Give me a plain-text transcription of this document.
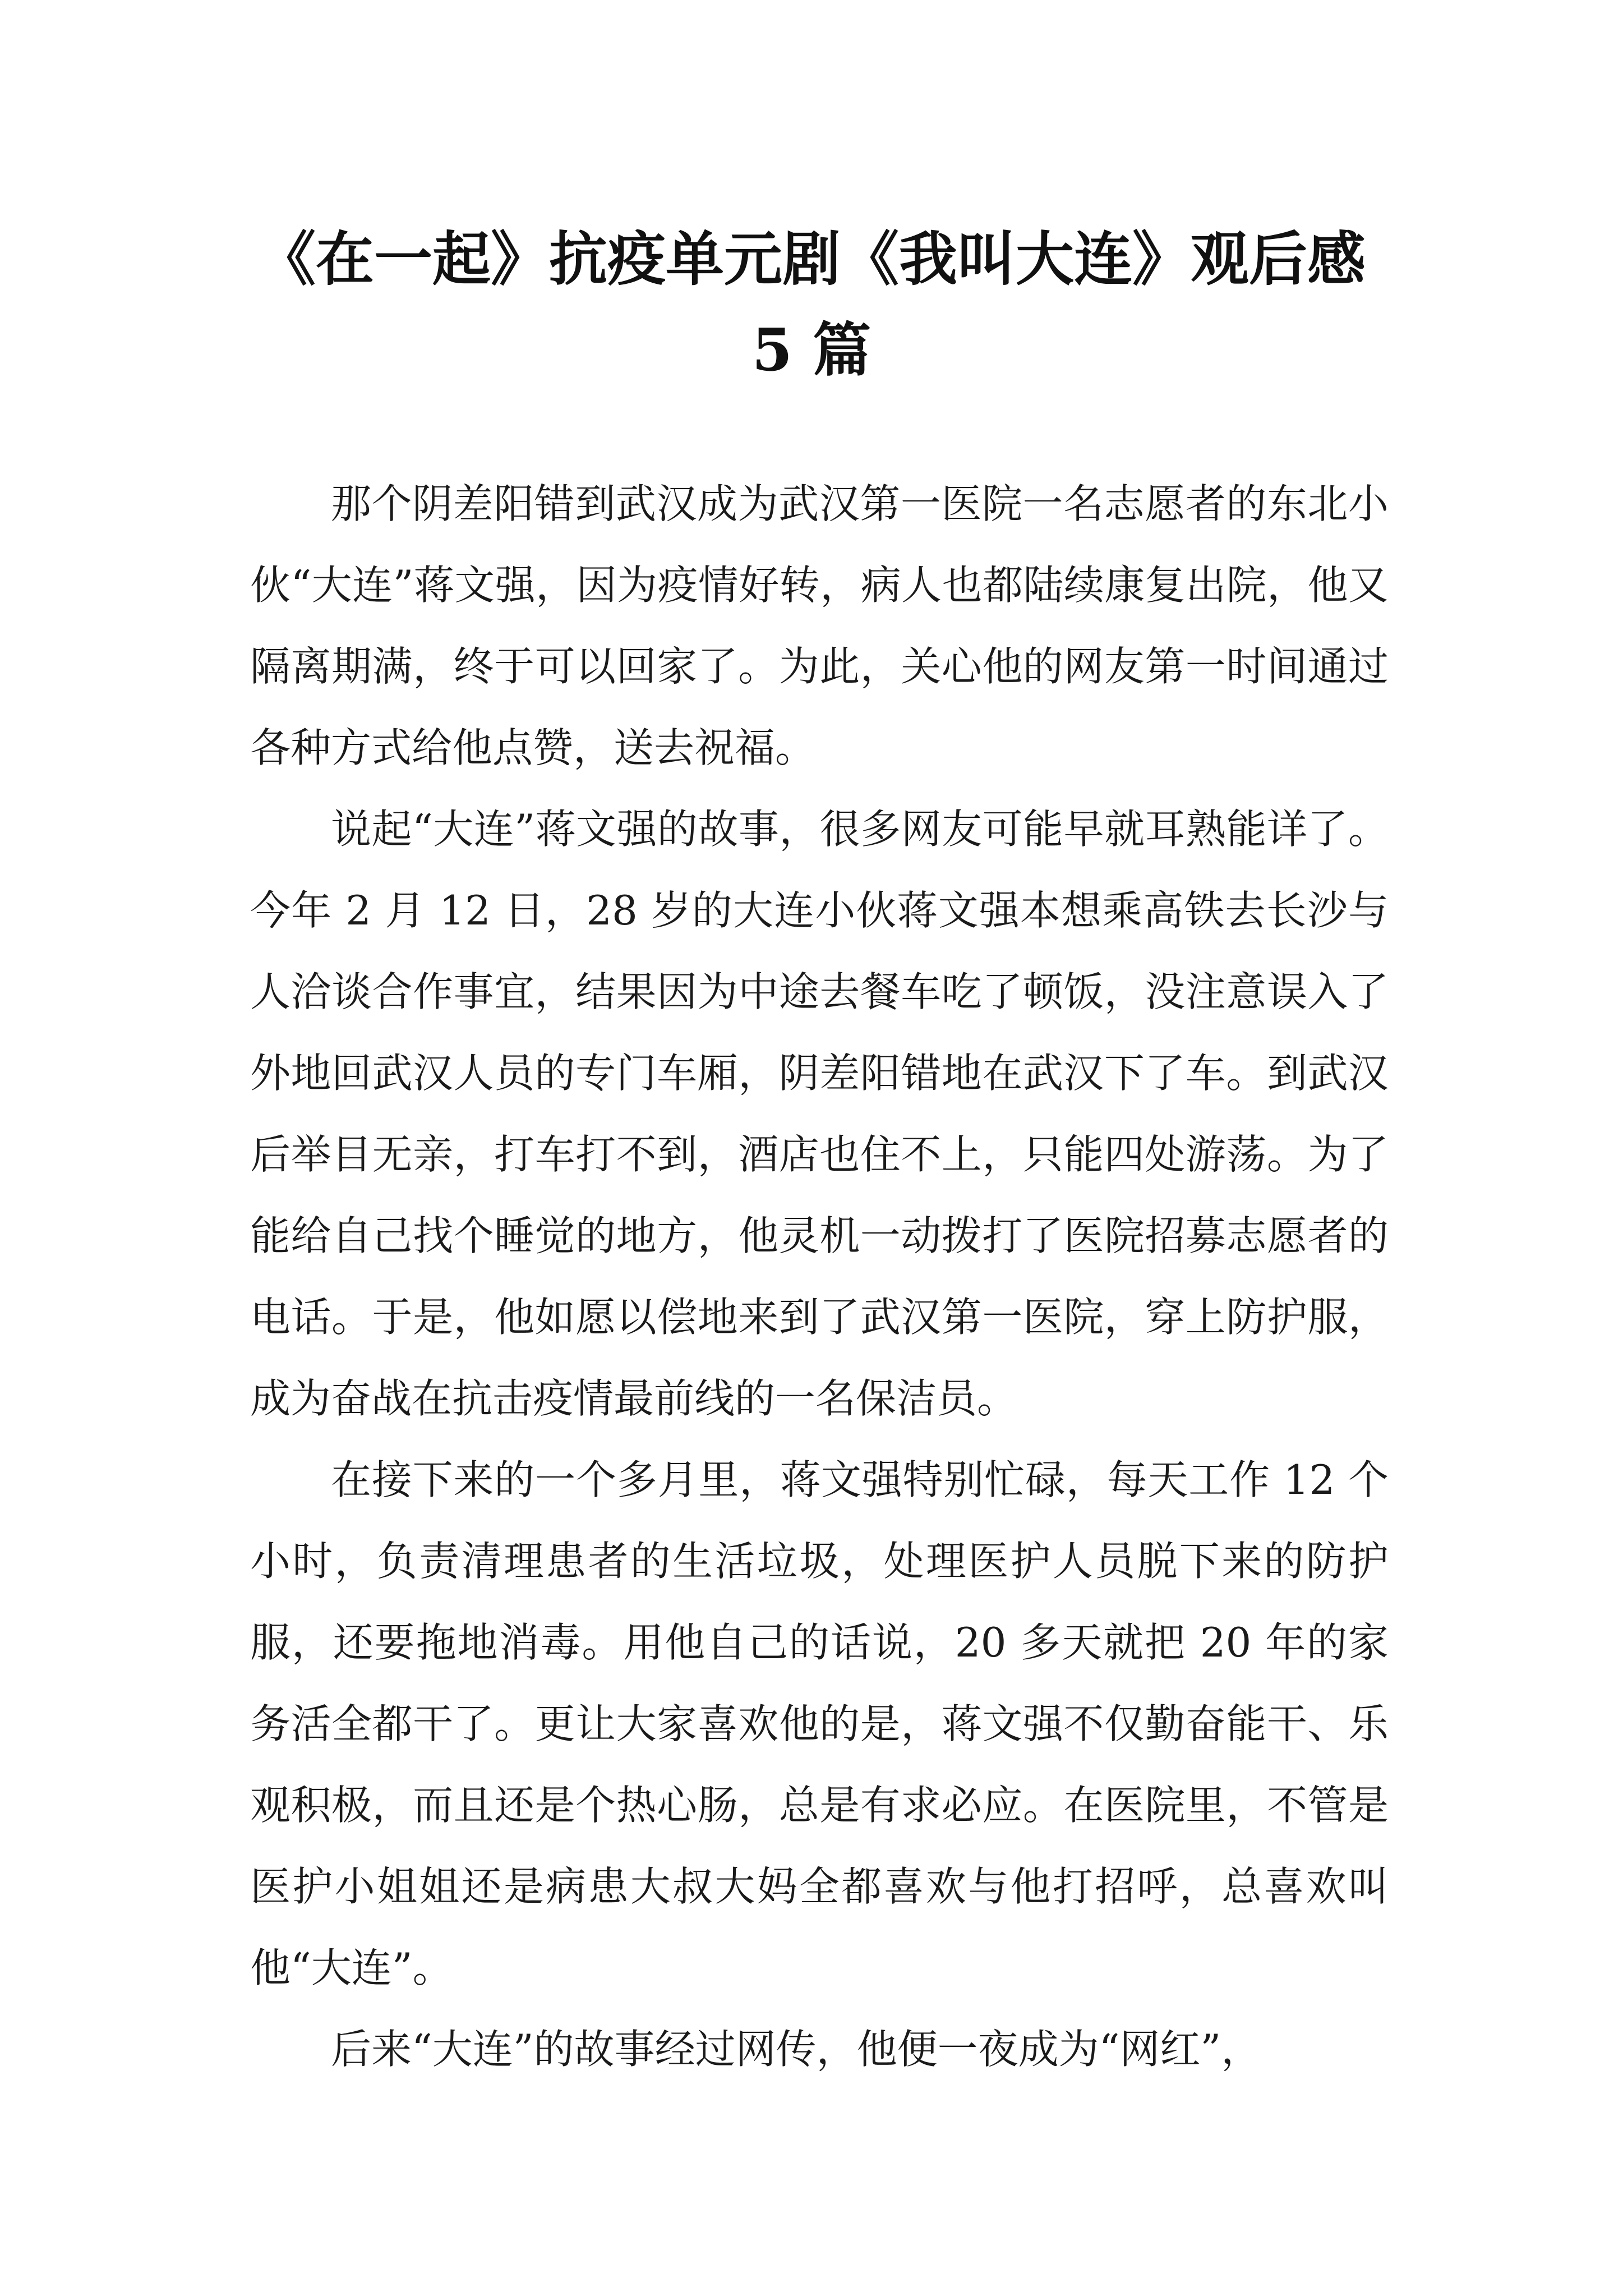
《在一起》抗疫单元剧《我叫大连》观后感
5 篇

那个阴差阳错到武汉成为武汉第一医院一名志愿者的东北小伙“大连”蒋文强，因为疫情好转，病人也都陆续康复出院，他又隔离期满，终于可以回家了。为此，关心他的网友第一时间通过各种方式给他点赞，送去祝福。

说起“大连”蒋文强的故事，很多网友可能早就耳熟能详了。今年 2 月 12 日，28 岁的大连小伙蒋文强本想乘高铁去长沙与人洽谈合作事宜，结果因为中途去餐车吃了顿饭，没注意误入了外地回武汉人员的专门车厢，阴差阳错地在武汉下了车。到武汉后举目无亲，打车打不到，酒店也住不上，只能四处游荡。为了能给自己找个睡觉的地方，他灵机一动拨打了医院招募志愿者的电话。于是，他如愿以偿地来到了武汉第一医院，穿上防护服，成为奋战在抗击疫情最前线的一名保洁员。

在接下来的一个多月里，蒋文强特别忙碌，每天工作 12 个小时，负责清理患者的生活垃圾，处理医护人员脱下来的防护服，还要拖地消毒。用他自己的话说，20 多天就把 20 年的家务活全都干了。更让大家喜欢他的是，蒋文强不仅勤奋能干、乐观积极，而且还是个热心肠，总是有求必应。在医院里，不管是医护小姐姐还是病患大叔大妈全都喜欢与他打招呼，总喜欢叫他“大连”。

后来“大连”的故事经过网传，他便一夜成为“网红”，
